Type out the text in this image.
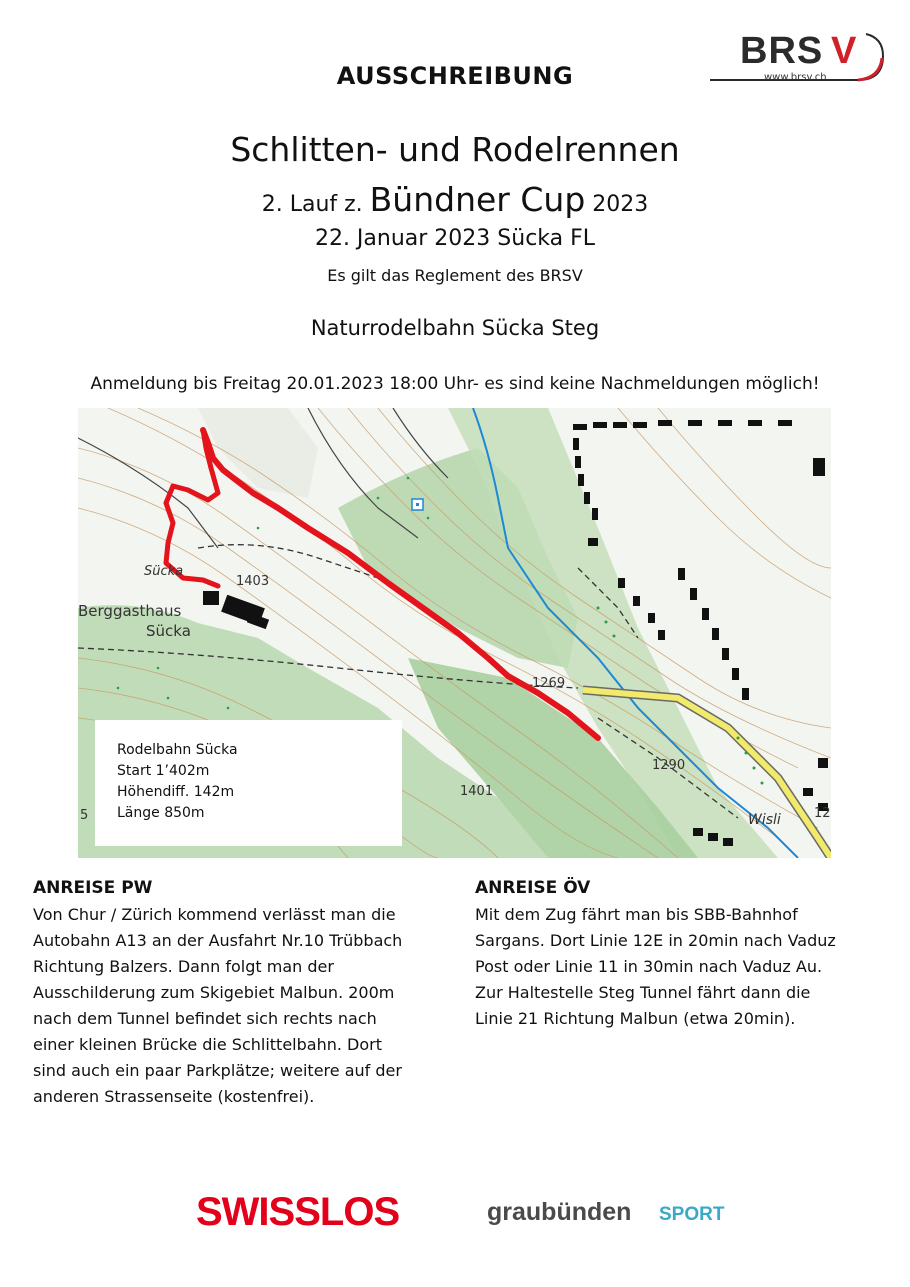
AUSSCHREIBUNG
Schlitten- und Rodelrennen
2. Lauf z. Bündner Cup 2023
22. Januar 2023 Sücka FL
Es gilt das Reglement des BRSV
Naturrodelbahn Sücka Steg
Anmeldung bis Freitag 20.01.2023 18:00 Uhr- es sind keine Nachmeldungen möglich!
BRS V
www.brsv.ch
Sücka
1403
Berggasthaus
Sücka
1269
1290
1401
Wisli
5	12
Rodelbahn Sücka
Start 1’402m
Höhendiff. 142m
Länge 850m
ANREISE PW
Von Chur / Zürich kommend verlässt man die
Autobahn A13 an der Ausfahrt Nr.10 Trübbach
Richtung Balzers. Dann folgt man der
Ausschilderung zum Skigebiet Malbun. 200m
nach dem Tunnel befindet sich rechts nach
einer kleinen Brücke die Schlittelbahn. Dort
sind auch ein paar Parkplätze; weitere auf der
anderen Strassenseite (kostenfrei).
ANREISE ÖV
Mit dem Zug fährt man bis SBB-Bahnhof
Sargans. Dort Linie 12E in 20min nach Vaduz
Post oder Linie 11 in 30min nach Vaduz Au.
Zur Haltestelle Steg Tunnel fährt dann die
Linie 21 Richtung Malbun (etwa 20min).
SWISSLOS	graubünden SPORT
